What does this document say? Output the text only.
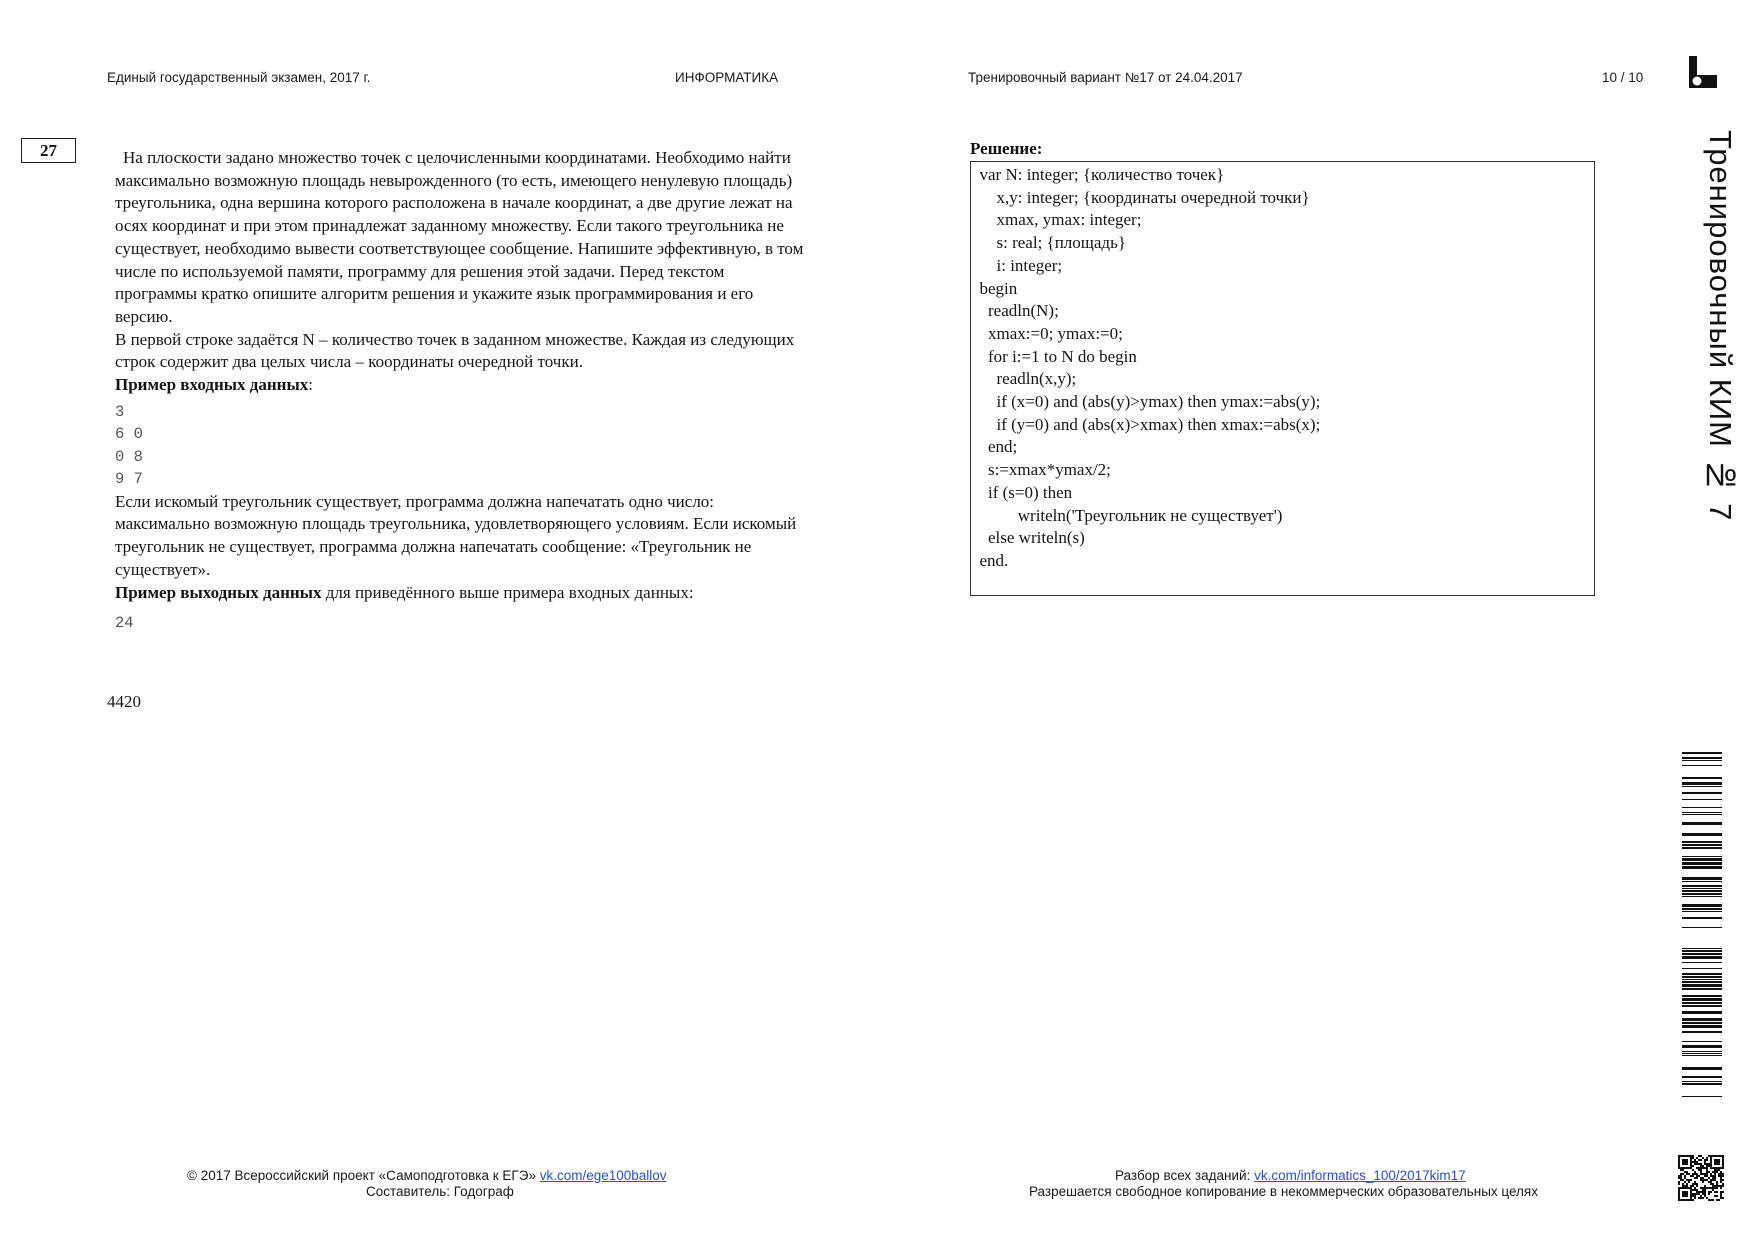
Единый государственный экзамен, 2017 г.	ИНФОРМАТИКА	Тренировочный вариант №17 от 24.04.2017	10 / 10
27	На плоскости задано множество точек с целочисленными координатами. Необходимо найти максимально возможную площадь невырожденного (то есть, имеющего ненулевую площадь) треугольника, одна вершина которого расположена в начале координат, а две другие лежат на осях координат и при этом принадлежат заданному множеству. Если такого треугольника не существует, необходимо вывести соответствующее сообщение. Напишите эффективную, в том числе по используемой памяти, программу для решения этой задачи. Перед текстом программы кратко опишите алгоритм решения и укажите язык программирования и его версию.

В первой строке задаётся N – количество точек в заданном множестве. Каждая из следующих строк содержит два целых числа – координаты очередной точки.

Пример входных данных:

3
6 0
0 8
9 7

Если искомый треугольник существует, программа должна напечатать одно число: максимально возможную площадь треугольника, удовлетворяющего условиям. Если искомый треугольник не существует, программа должна напечатать сообщение: «Треугольник не существует».

Пример выходных данных для приведённого выше примера входных данных:

24
4420
Решение:
var N: integer; {количество точек}
x,y: integer; {координаты очередной точки}
xmax, ymax: integer;
s: real; {площадь}
i: integer;
begin
readln(N);
xmax:=0; ymax:=0;
for i:=1 to N do begin
readln(x,y);
if (x=0) and (abs(y)>ymax) then ymax:=abs(y);
if (y=0) and (abs(x)>xmax) then xmax:=abs(x);
end;
s:=xmax*ymax/2;
if (s=0) then
writeln('Треугольник не существует')
else writeln(s)
end.
Тренировочный КИМ № 7
© 2017 Всероссийский проект «Самоподготовка к ЕГЭ» vk.com/ege100ballov
Составитель: Годограф
Разбор всех заданий: vk.com/informatics_100/2017kim17
Разрешается свободное копирование в некоммерческих образовательных целях
